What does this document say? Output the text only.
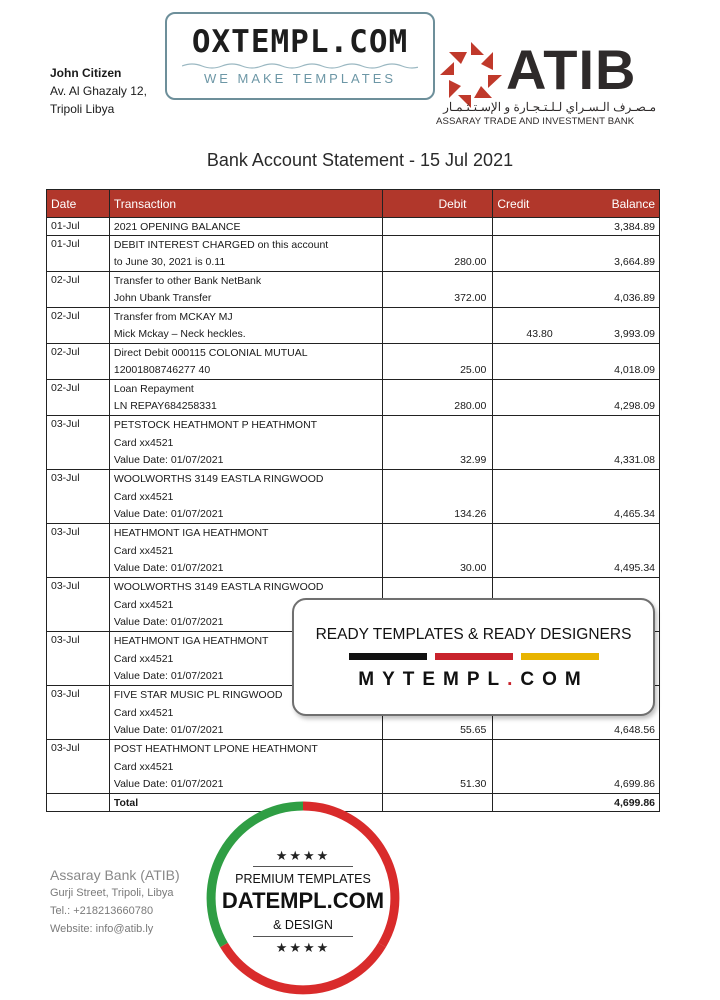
John Citizen
Av. Al Ghazaly 12,
Tripoli Libya
OXTEMPL.COM
WE MAKE TEMPLATES	ATIB
مـصـرف الـسـراي لـلـتـجـارة و الإسـتـثـمـار
ASSARAY TRADE AND INVESTMENT BANK
Bank Account Statement - 15 Jul 2021
Date	Transaction	Debit	Credit	Balance
01-Jul	2021 OPENING BALANCE			3,384.89
01-Jul	DEBIT INTEREST CHARGED on this account			
	to June 30, 2021 is 0.11	280.00		3,664.89
02-Jul	Transfer to other Bank NetBank			
	John Ubank Transfer	372.00		4,036.89
02-Jul	Transfer from MCKAY MJ			
	Mick Mckay – Neck heckles.		43.80	3,993.09
02-Jul	Direct Debit 000115 COLONIAL MUTUAL			
	12001808746277 40	25.00		4,018.09
02-Jul	Loan Repayment			
	LN REPAY684258331	280.00		4,298.09
03-Jul	PETSTOCK HEATHMONT P HEATHMONT			
	Card xx4521			
	Value Date: 01/07/2021	32.99		4,331.08
03-Jul	WOOLWORTHS 3149 EASTLA RINGWOOD			
	Card xx4521			
	Value Date: 01/07/2021	134.26		4,465.34
03-Jul	HEATHMONT IGA HEATHMONT			
	Card xx4521			
	Value Date: 01/07/2021	30.00		4,495.34
03-Jul	WOOLWORTHS 3149 EASTLA RINGWOOD			
	Card xx4521			
	Value Date: 01/07/2021			
03-Jul	HEATHMONT IGA HEATHMONT			
	Card xx4521			
	Value Date: 01/07/2021			
03-Jul	FIVE STAR MUSIC PL RINGWOOD			
	Card xx4521			
	Value Date: 01/07/2021	55.65		4,648.56
03-Jul	POST HEATHMONT LPONE HEATHMONT			
	Card xx4521			
	Value Date: 01/07/2021	51.30		4,699.86
	Total			4,699.86
READY TEMPLATES & READY DESIGNERS
MYTEMPL.COM
Assaray Bank (ATIB)
Gurji Street, Tripoli, Libya
Tel.: +218213660780
Website: info@atib.ly
★★★★
PREMIUM TEMPLATES
DATEMPL.COM
& DESIGN
★★★★
